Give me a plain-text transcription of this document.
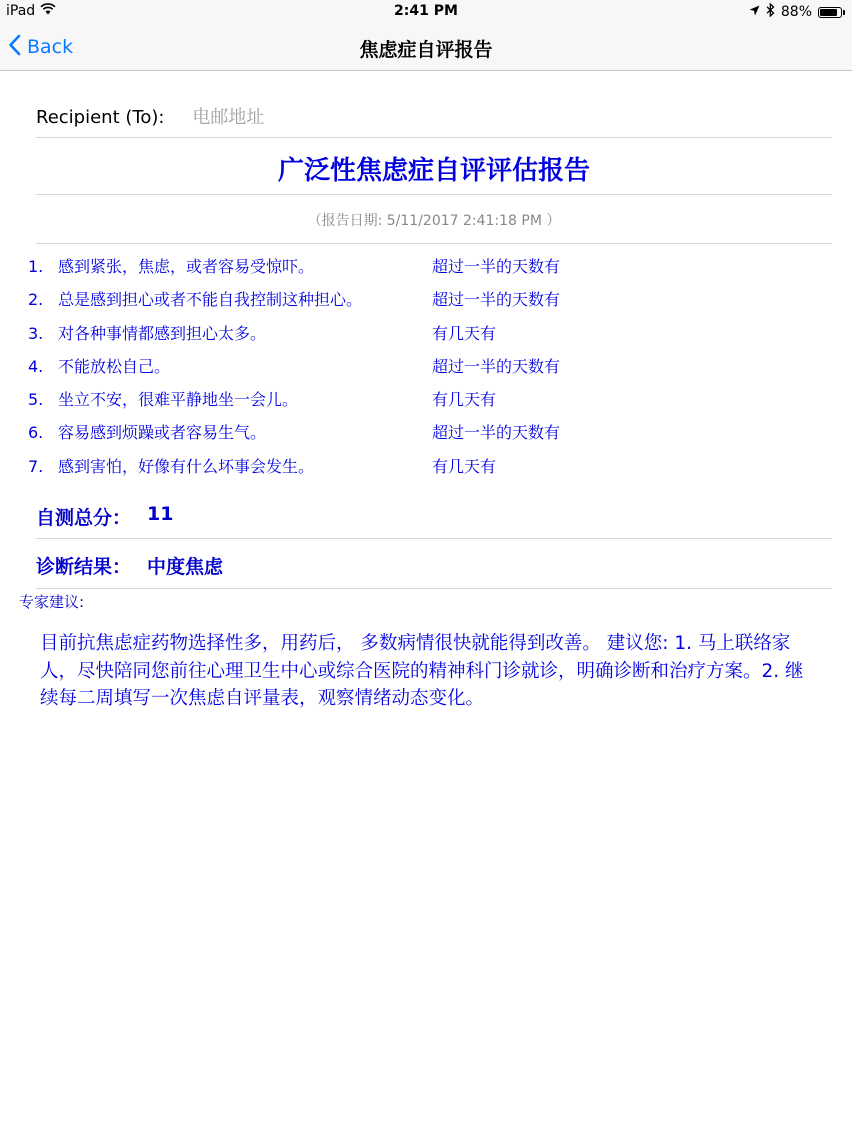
iPad	2:41 PM	88%
Back	焦虑症自评报告
Recipient (To):
电邮地址
广泛性焦虑症自评评估报告
（报告日期: 5/11/2017 2:41:18 PM ）
1. 感到紧张，焦虑，或者容易受惊吓。	超过一半的天数有
2. 总是感到担心或者不能自我控制这种担心。	超过一半的天数有
3. 对各种事情都感到担心太多。	有几天有
4. 不能放松自己。	超过一半的天数有
5. 坐立不安，很难平静地坐一会儿。	有几天有
6. 容易感到烦躁或者容易生气。	超过一半的天数有
7. 感到害怕，好像有什么坏事会发生。	有几天有
自测总分： 11
诊断结果： 中度焦虑
专家建议:
目前抗焦虑症药物选择性多，用药后， 多数病情很快就能得到改善。 建议您: 1. 马上联络家人，尽快陪同您前往心理卫生中心或综合医院的精神科门诊就诊，明确诊断和治疗方案。2. 继续每二周填写一次焦虑自评量表，观察情绪动态变化。
